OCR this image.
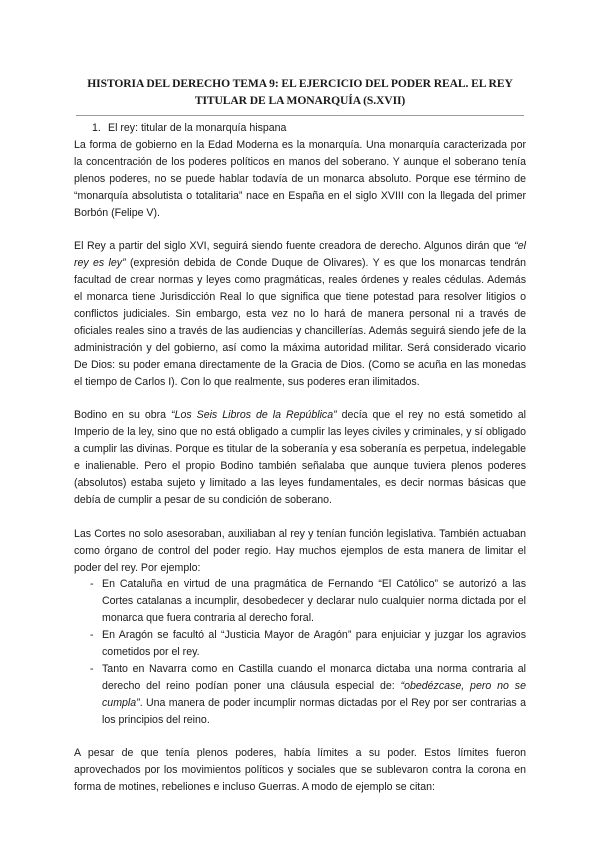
HISTORIA DEL DERECHO TEMA 9: EL EJERCICIO DEL PODER REAL. EL REY TITULAR DE LA MONARQUÍA (S.XVII)

1. El rey: titular de la monarquía hispana

La forma de gobierno en la Edad Moderna es la monarquía. Una monarquía caracterizada por la concentración de los poderes políticos en manos del soberano. Y aunque el soberano tenía plenos poderes, no se puede hablar todavía de un monarca absoluto. Porque ese término de “monarquía absolutista o totalitaria” nace en España en el siglo XVIII con la llegada del primer Borbón (Felipe V).

El Rey a partir del siglo XVI, seguirá siendo fuente creadora de derecho. Algunos dirán que “el rey es ley” (expresión debida de Conde Duque de Olivares). Y es que los monarcas tendrán facultad de crear normas y leyes como pragmáticas, reales órdenes y reales cédulas. Además el monarca tiene Jurisdicción Real lo que significa que tiene potestad para resolver litigios o conflictos judiciales. Sin embargo, esta vez no lo hará de manera personal ni a través de oficiales reales sino a través de las audiencias y chancillerías. Además seguirá siendo jefe de la administración y del gobierno, así como la máxima autoridad militar. Será considerado vicario De Dios: su poder emana directamente de la Gracia de Dios. (Como se acuña en las monedas el tiempo de Carlos I). Con lo que realmente, sus poderes eran ilimitados.

Bodino en su obra “Los Seis Libros de la República” decía que el rey no está sometido al Imperio de la ley, sino que no está obligado a cumplir las leyes civiles y criminales, y sí obligado a cumplir las divinas. Porque es titular de la soberanía y esa soberanía es perpetua, indelegable e inalienable. Pero el propio Bodino también señalaba que aunque tuviera plenos poderes (absolutos) estaba sujeto y limitado a las leyes fundamentales, es decir normas básicas que debía de cumplir a pesar de su condición de soberano.

Las Cortes no solo asesoraban, auxiliaban al rey y tenían función legislativa. También actuaban como órgano de control del poder regio. Hay muchos ejemplos de esta manera de limitar el poder del rey. Por ejemplo:

- En Cataluña en virtud de una pragmática de Fernando “El Católico” se autorizó a las Cortes catalanas a incumplir, desobedecer y declarar nulo cualquier norma dictada por el monarca que fuera contraria al derecho foral.
- En Aragón se facultó al “Justicia Mayor de Aragón” para enjuiciar y juzgar los agravios cometidos por el rey.
- Tanto en Navarra como en Castilla cuando el monarca dictaba una norma contraria al derecho del reino podían poner una cláusula especial de: “obedézcase, pero no se cumpla”. Una manera de poder incumplir normas dictadas por el Rey por ser contrarias a los principios del reino.

A pesar de que tenía plenos poderes, había límites a su poder. Estos límites fueron aprovechados por los movimientos políticos y sociales que se sublevaron contra la corona en forma de motines, rebeliones e incluso Guerras. A modo de ejemplo se citan:
